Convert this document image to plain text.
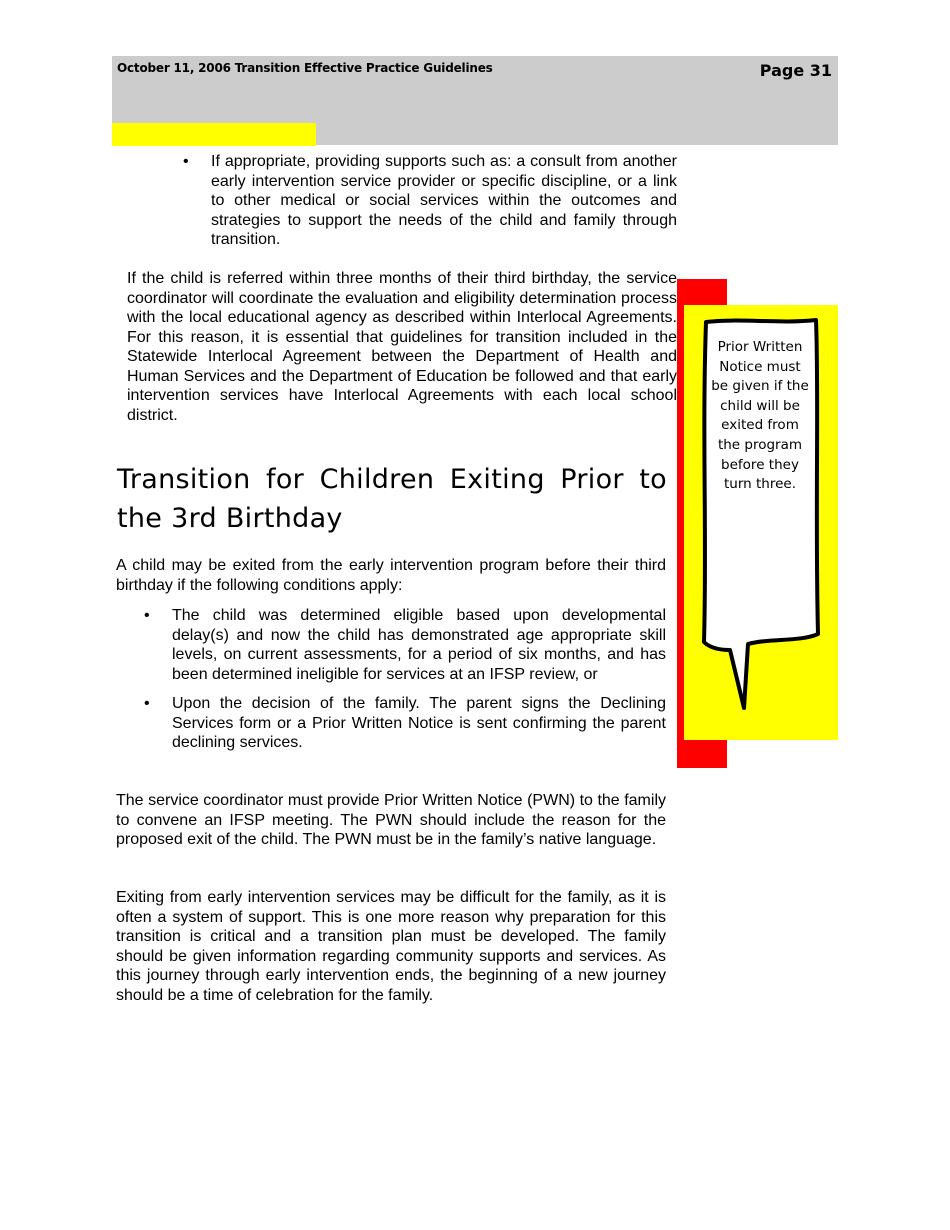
October 11, 2006 Transition Effective Practice Guidelines	Page 31
• If appropriate, providing supports such as: a consult from another early intervention service provider or specific discipline, or a link to other medical or social services within the outcomes and strategies to support the needs of the child and family through transition.

If the child is referred within three months of their third birthday, the service coordinator will coordinate the evaluation and eligibility determination process with the local educational agency as described within Interlocal Agreements. For this reason, it is essential that guidelines for transition included in the Statewide Interlocal Agreement between the Department of Health and Human Services and the Department of Education be followed and that early intervention services have Interlocal Agreements with each local school district.

Prior Written Notice must be given if the child will be exited from the program before they turn three.
Transition for Children Exiting Prior to the 3rd Birthday

A child may be exited from the early intervention program before their third birthday if the following conditions apply:

• The child was determined eligible based upon developmental delay(s) and now the child has demonstrated age appropriate skill levels, on current assessments, for a period of six months, and has been determined ineligible for services at an IFSP review, or
• Upon the decision of the family. The parent signs the Declining Services form or a Prior Written Notice is sent confirming the parent declining services.

The service coordinator must provide Prior Written Notice (PWN) to the family to convene an IFSP meeting. The PWN should include the reason for the proposed exit of the child. The PWN must be in the family’s native language.

Exiting from early intervention services may be difficult for the family, as it is often a system of support. This is one more reason why preparation for this transition is critical and a transition plan must be developed. The family should be given information regarding community supports and services. As this journey through early intervention ends, the beginning of a new journey should be a time of celebration for the family.
